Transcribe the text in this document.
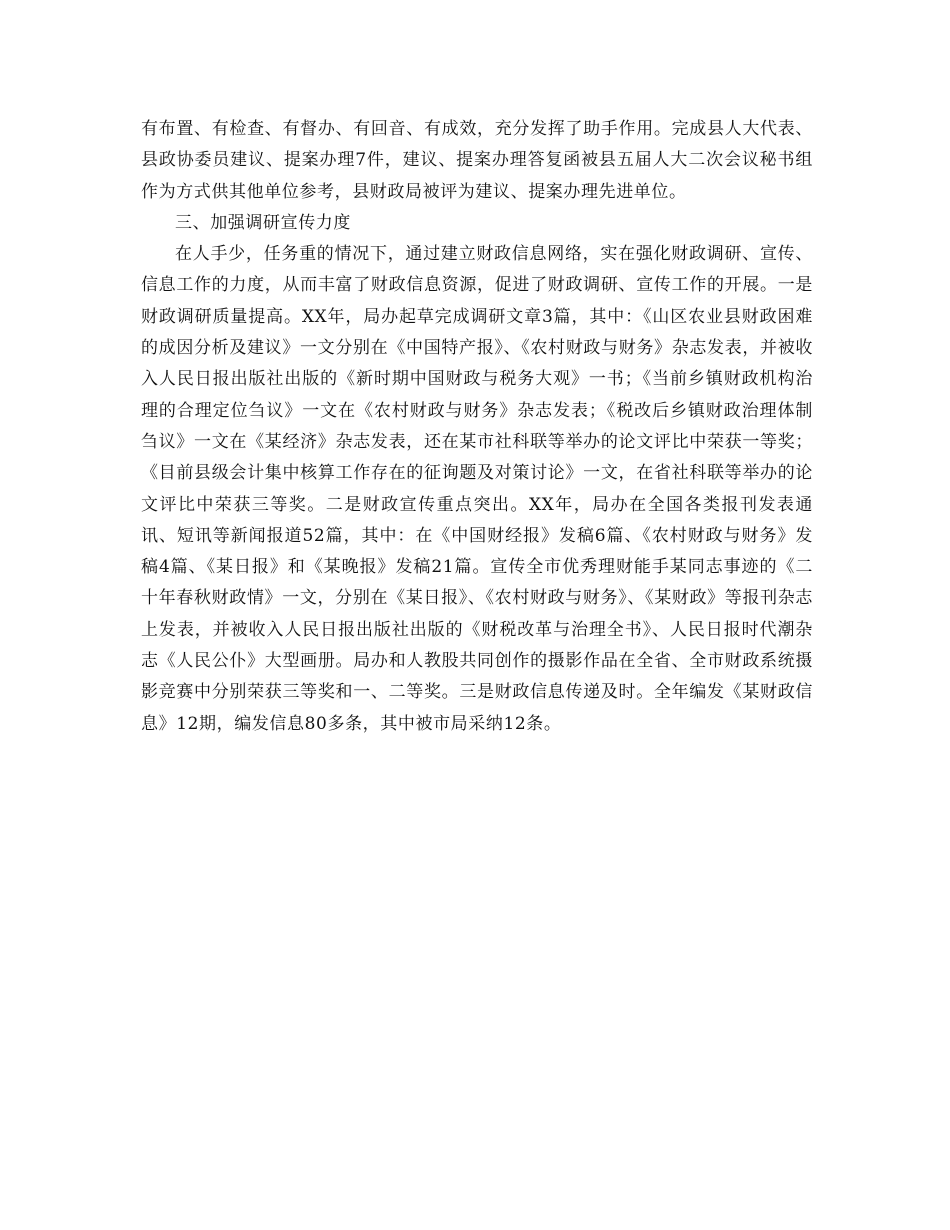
有布置、有检查、有督办、有回音、有成效，充分发挥了助手作用。完成县人大代表、县政协委员建议、提案办理7件，建议、提案办理答复函被县五届人大二次会议秘书组作为方式供其他单位参考，县财政局被评为建议、提案办理先进单位。

三、加强调研宣传力度

在人手少，任务重的情况下，通过建立财政信息网络，实在强化财政调研、宣传、信息工作的力度，从而丰富了财政信息资源，促进了财政调研、宣传工作的开展。一是财政调研质量提高。XX年，局办起草完成调研文章3篇，其中：《山区农业县财政困难的成因分析及建议》一文分别在《中国特产报》、《农村财政与财务》杂志发表，并被收入人民日报出版社出版的《新时期中国财政与税务大观》一书；《当前乡镇财政机构治理的合理定位刍议》一文在《农村财政与财务》杂志发表；《税改后乡镇财政治理体制刍议》一文在《某经济》杂志发表，还在某市社科联等举办的论文评比中荣获一等奖；《目前县级会计集中核算工作存在的征询题及对策讨论》一文，在省社科联等举办的论文评比中荣获三等奖。二是财政宣传重点突出。XX年，局办在全国各类报刊发表通讯、短讯等新闻报道52篇，其中：在《中国财经报》发稿6篇、《农村财政与财务》发稿4篇、《某日报》和《某晚报》发稿21篇。宣传全市优秀理财能手某同志事迹的《二十年春秋财政情》一文，分别在《某日报》、《农村财政与财务》、《某财政》等报刊杂志上发表，并被收入人民日报出版社出版的《财税改革与治理全书》、人民日报时代潮杂志《人民公仆》大型画册。局办和人教股共同创作的摄影作品在全省、全市财政系统摄影竞赛中分别荣获三等奖和一、二等奖。三是财政信息传递及时。全年编发《某财政信息》12期，编发信息80多条，其中被市局采纳12条。
